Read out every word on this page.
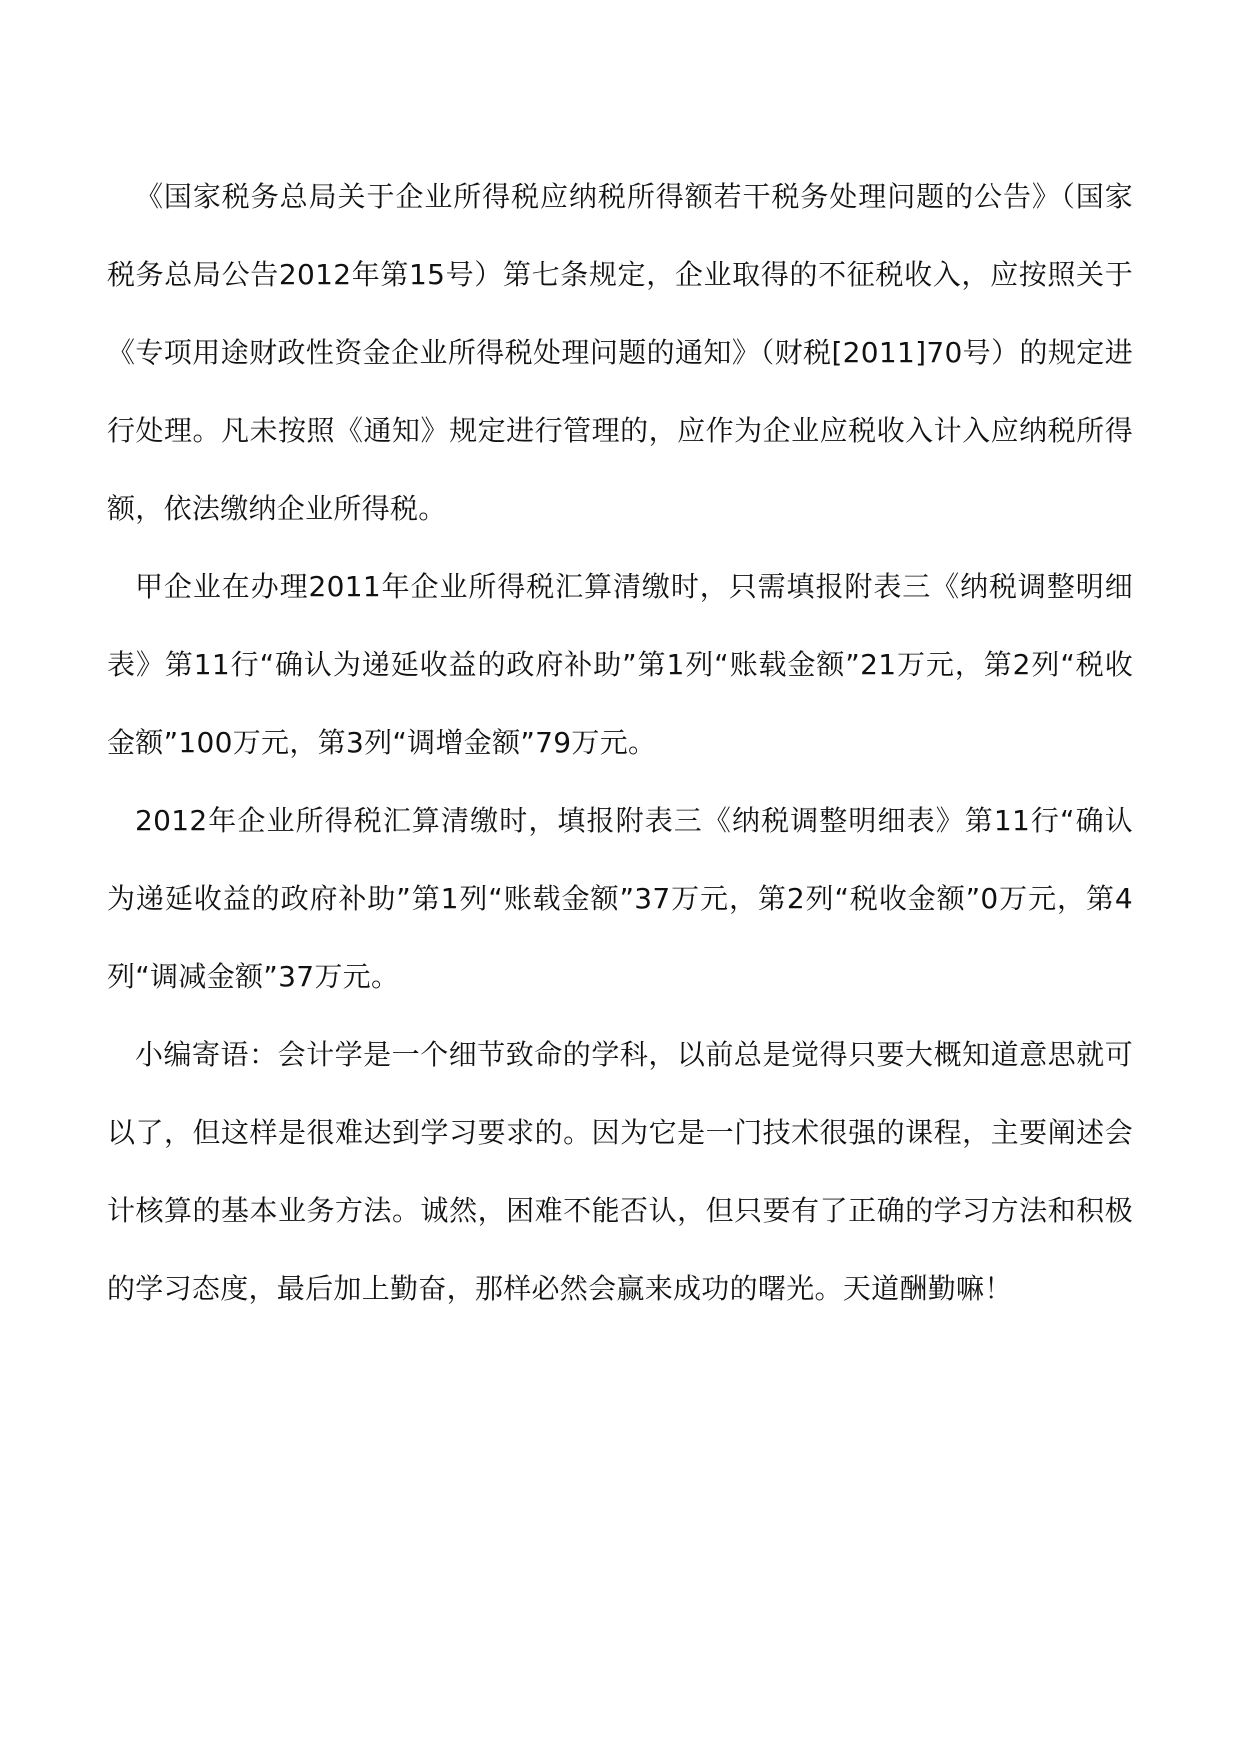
《国家税务总局关于企业所得税应纳税所得额若干税务处理问题的公告》（国家税务总局公告2012年第15号）第七条规定，企业取得的不征税收入，应按照关于《专项用途财政性资金企业所得税处理问题的通知》（财税[2011]70号）的规定进行处理。凡未按照《通知》规定进行管理的，应作为企业应税收入计入应纳税所得额，依法缴纳企业所得税。

甲企业在办理2011年企业所得税汇算清缴时，只需填报附表三《纳税调整明细表》第11行“确认为递延收益的政府补助”第1列“账载金额”21万元，第2列“税收金额”100万元，第3列“调增金额”79万元。

2012年企业所得税汇算清缴时，填报附表三《纳税调整明细表》第11行“确认为递延收益的政府补助”第1列“账载金额”37万元，第2列“税收金额”0万元，第4列“调减金额”37万元。

小编寄语：会计学是一个细节致命的学科，以前总是觉得只要大概知道意思就可以了，但这样是很难达到学习要求的。因为它是一门技术很强的课程，主要阐述会计核算的基本业务方法。诚然，困难不能否认，但只要有了正确的学习方法和积极的学习态度，最后加上勤奋，那样必然会赢来成功的曙光。天道酬勤嘛！
